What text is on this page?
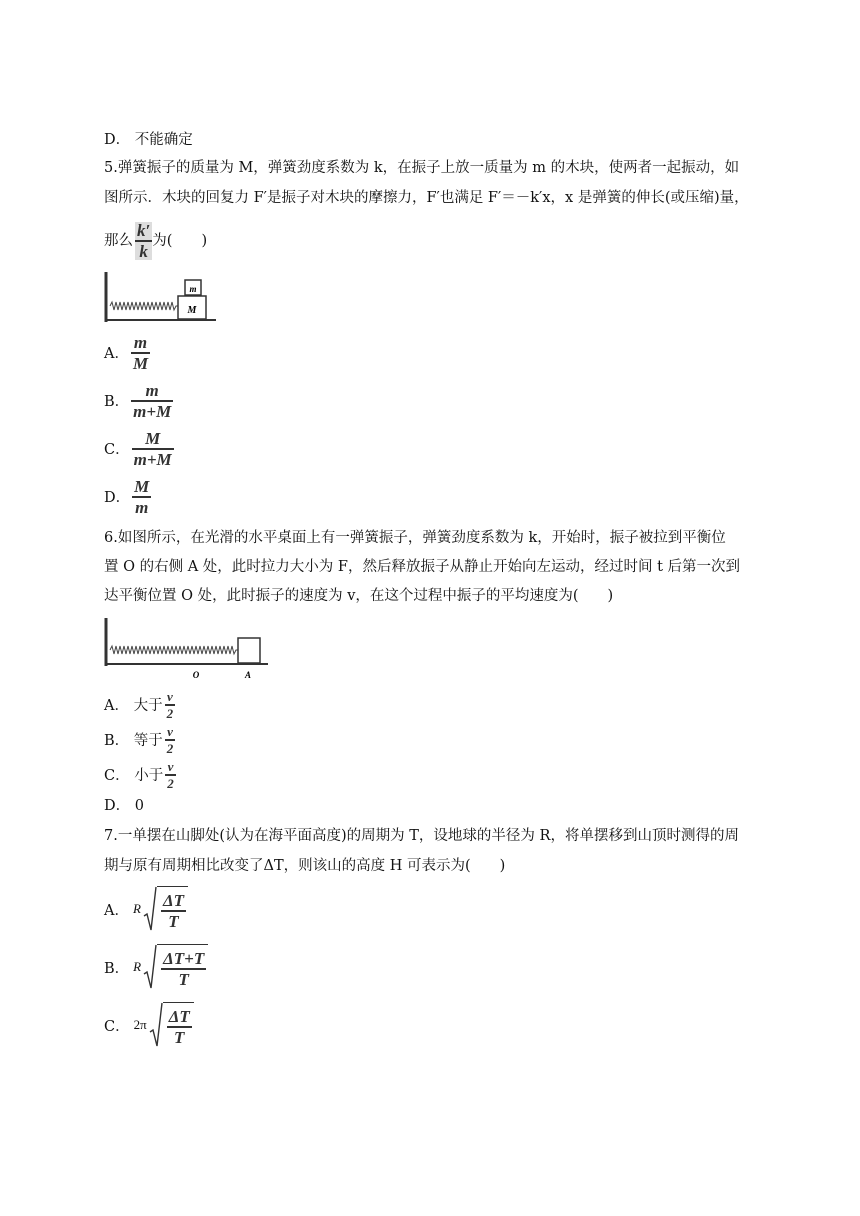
D． 不能确定
5.弹簧振子的质量为 M，弹簧劲度系数为 k，在振子上放一质量为 m 的木块，使两者一起振动，如
图所示．木块的回复力 F′是振子对木块的摩擦力，F′也满足 F′＝－k′x，x 是弹簧的伸长(或压缩)量，
那么 $\frac{k'}{k}$ 为(　　)
m
M
A． $\frac{m}{M}$
B． $\frac{m}{m+M}$
C． $\frac{M}{m+M}$
D． $\frac{M}{m}$
6.如图所示，在光滑的水平桌面上有一弹簧振子，弹簧劲度系数为 k，开始时，振子被拉到平衡位
置 O 的右侧 A 处，此时拉力大小为 F，然后释放振子从静止开始向左运动，经过时间 t 后第一次到
达平衡位置 O 处，此时振子的速度为 v，在这个过程中振子的平均速度为(　　)
O	A
A． 大于 $\frac{v}{2}$
B． 等于 $\frac{v}{2}$
C． 小于 $\frac{v}{2}$
D． 0
7.一单摆在山脚处(认为在海平面高度)的周期为 T，设地球的半径为 R，将单摆移到山顶时测得的周
期与原有周期相比改变了ΔT，则该山的高度 H 可表示为(　　)
A． R $\frac{\Delta T}{T}$
B． R $\frac{\Delta T+T}{T}$
C． $2\pi \frac{\Delta T}{T}$
